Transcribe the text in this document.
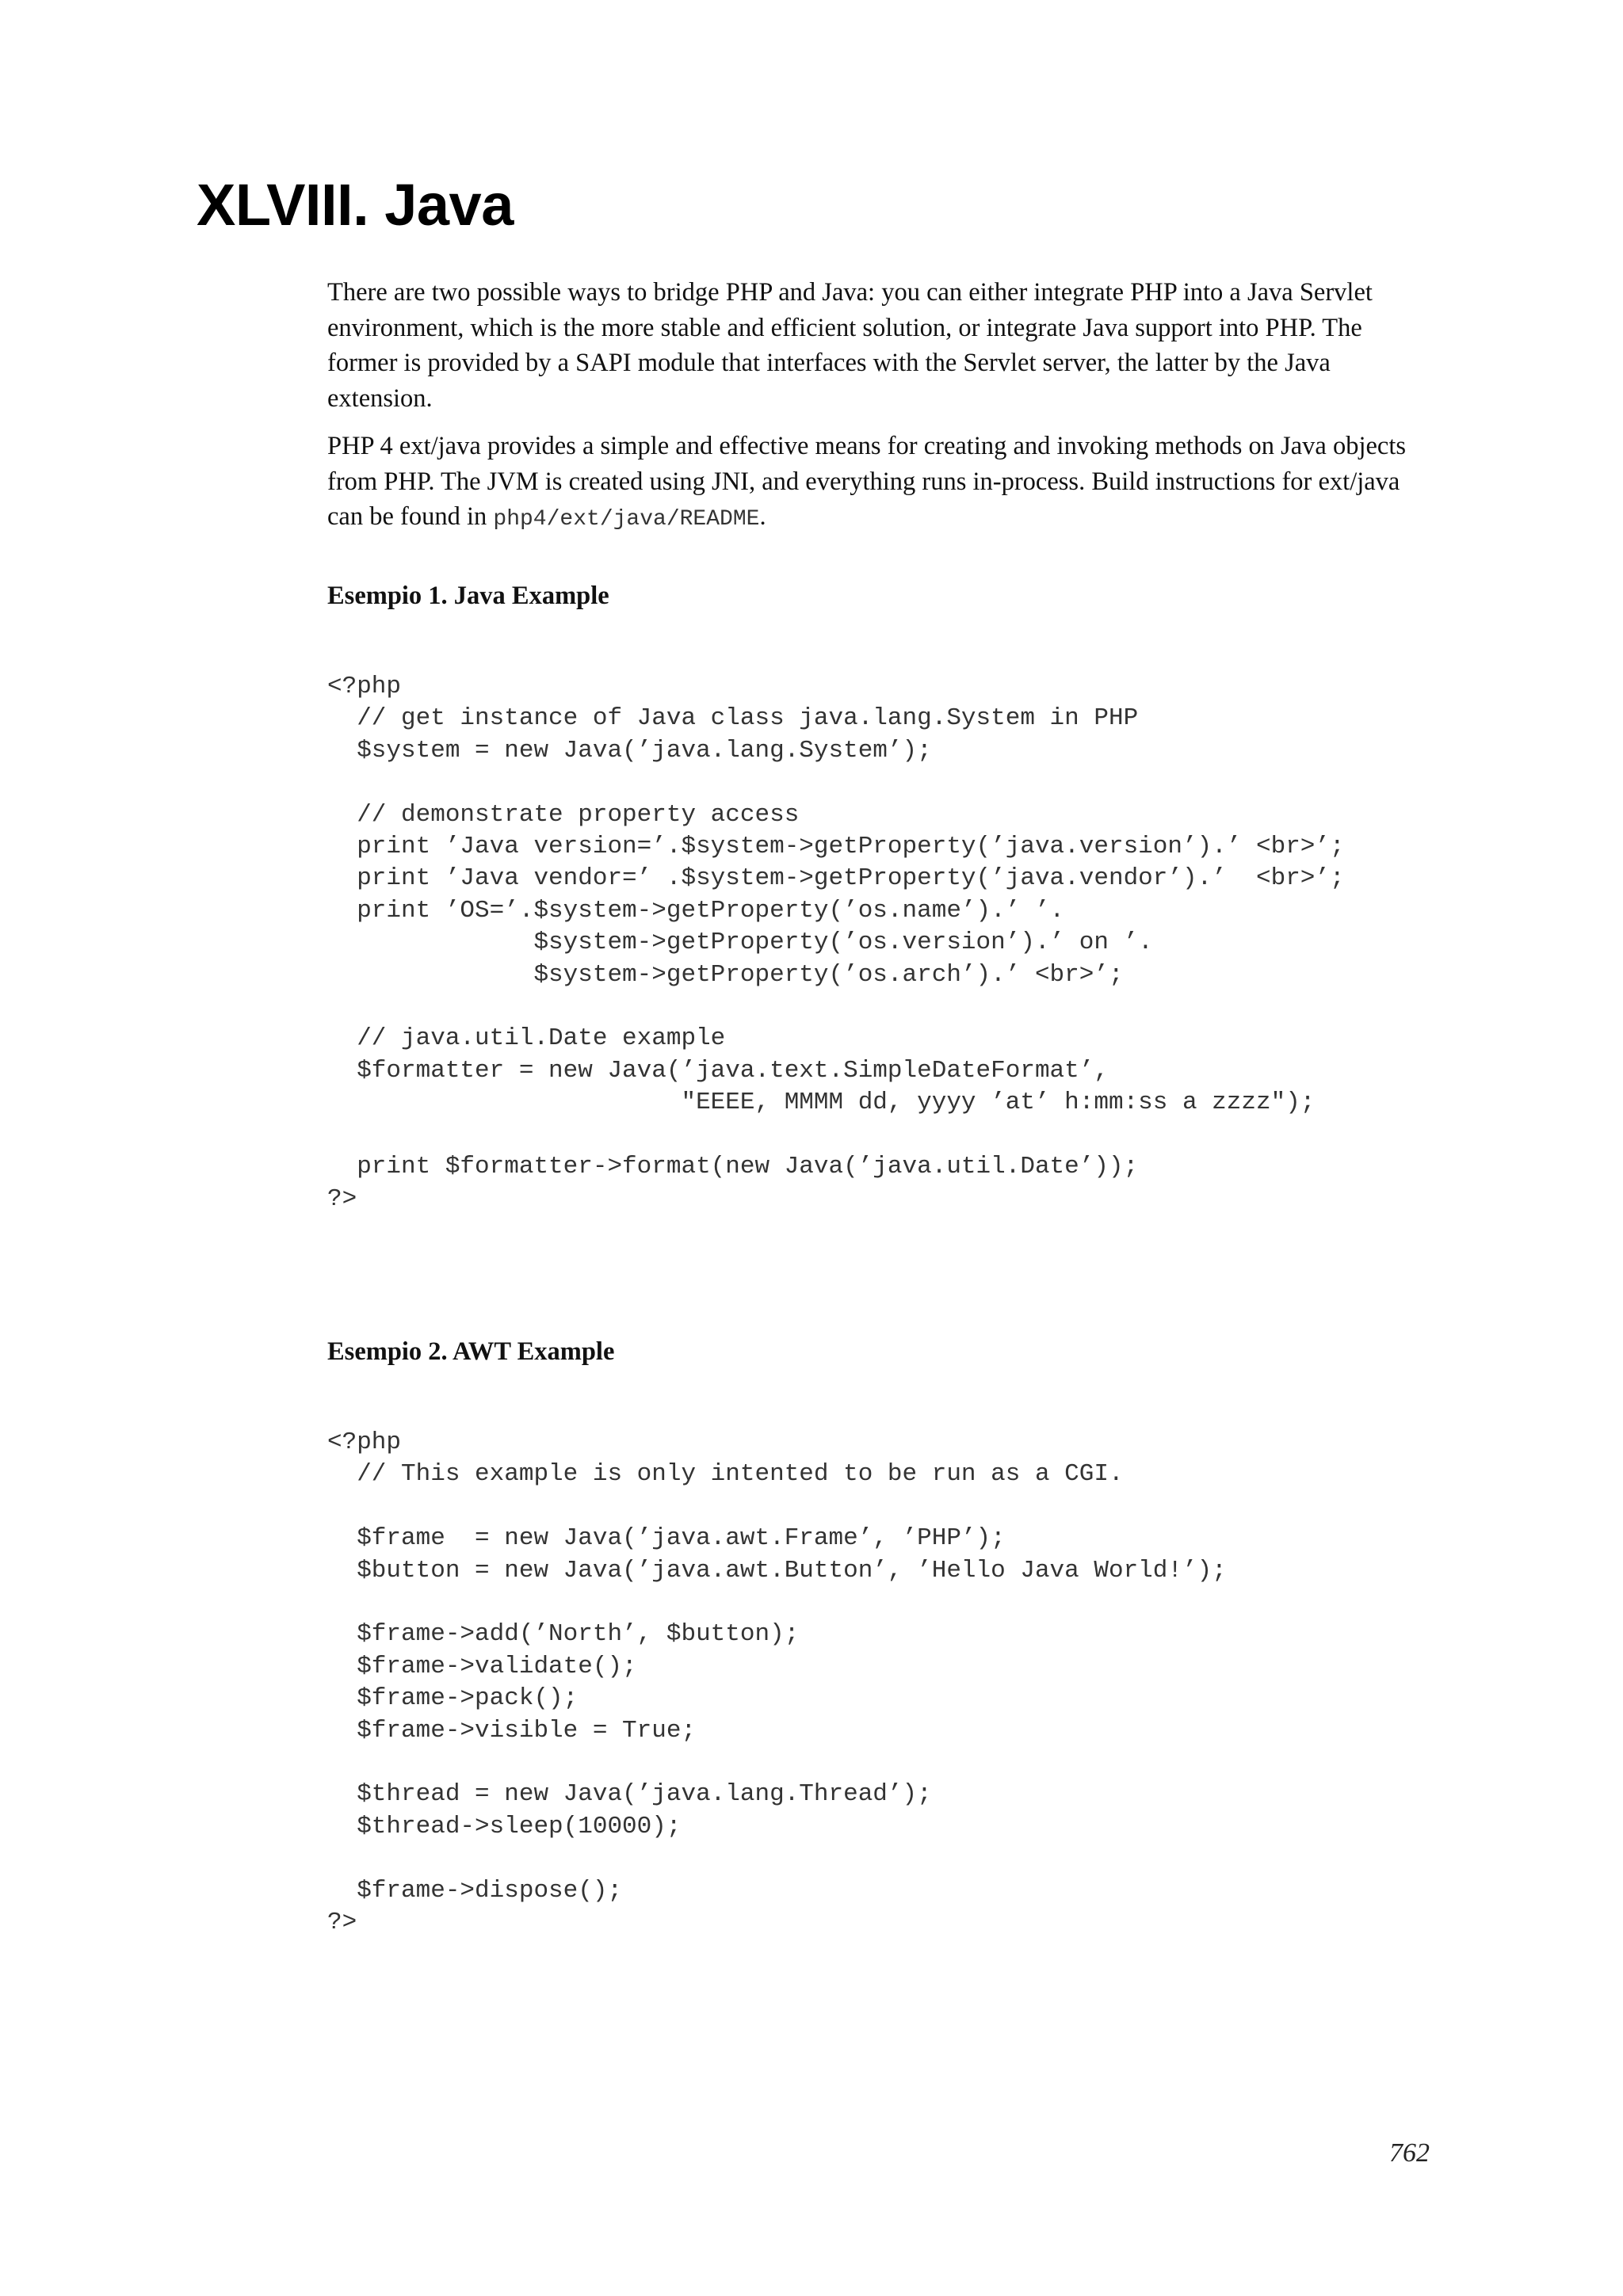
XLVIII. Java

There are two possible ways to bridge PHP and Java: you can either integrate PHP into a Java Servlet environment, which is the more stable and efficient solution, or integrate Java support into PHP. The former is provided by a SAPI module that interfaces with the Servlet server, the latter by the Java extension.

PHP 4 ext/java provides a simple and effective means for creating and invoking methods on Java objects from PHP. The JVM is created using JNI, and everything runs in-process. Build instructions for ext/java can be found in php4/ext/java/README.

Esempio 1. Java Example
<?php
// get instance of Java class java.lang.System in PHP
$system = new Java(’java.lang.System’);

// demonstrate property access
print ’Java version=’.$system->getProperty(’java.version’).’ <br>’;
print ’Java vendor=’ .$system->getProperty(’java.vendor’).’  <br>’;
print ’OS=’.$system->getProperty(’os.name’).’ ’.
$system->getProperty(’os.version’).’ on ’.
$system->getProperty(’os.arch’).’ <br>’;

// java.util.Date example
$formatter = new Java(’java.text.SimpleDateFormat’,
"EEEE, MMMM dd, yyyy ’at’ h:mm:ss a zzzz");

print $formatter->format(new Java(’java.util.Date’));
?>
Esempio 2. AWT Example
<?php
// This example is only intented to be run as a CGI.

$frame  = new Java(’java.awt.Frame’, ’PHP’);
$button = new Java(’java.awt.Button’, ’Hello Java World!’);

$frame->add(’North’, $button);
$frame->validate();
$frame->pack();
$frame->visible = True;

$thread = new Java(’java.lang.Thread’);
$thread->sleep(10000);

$frame->dispose();
?>
762
